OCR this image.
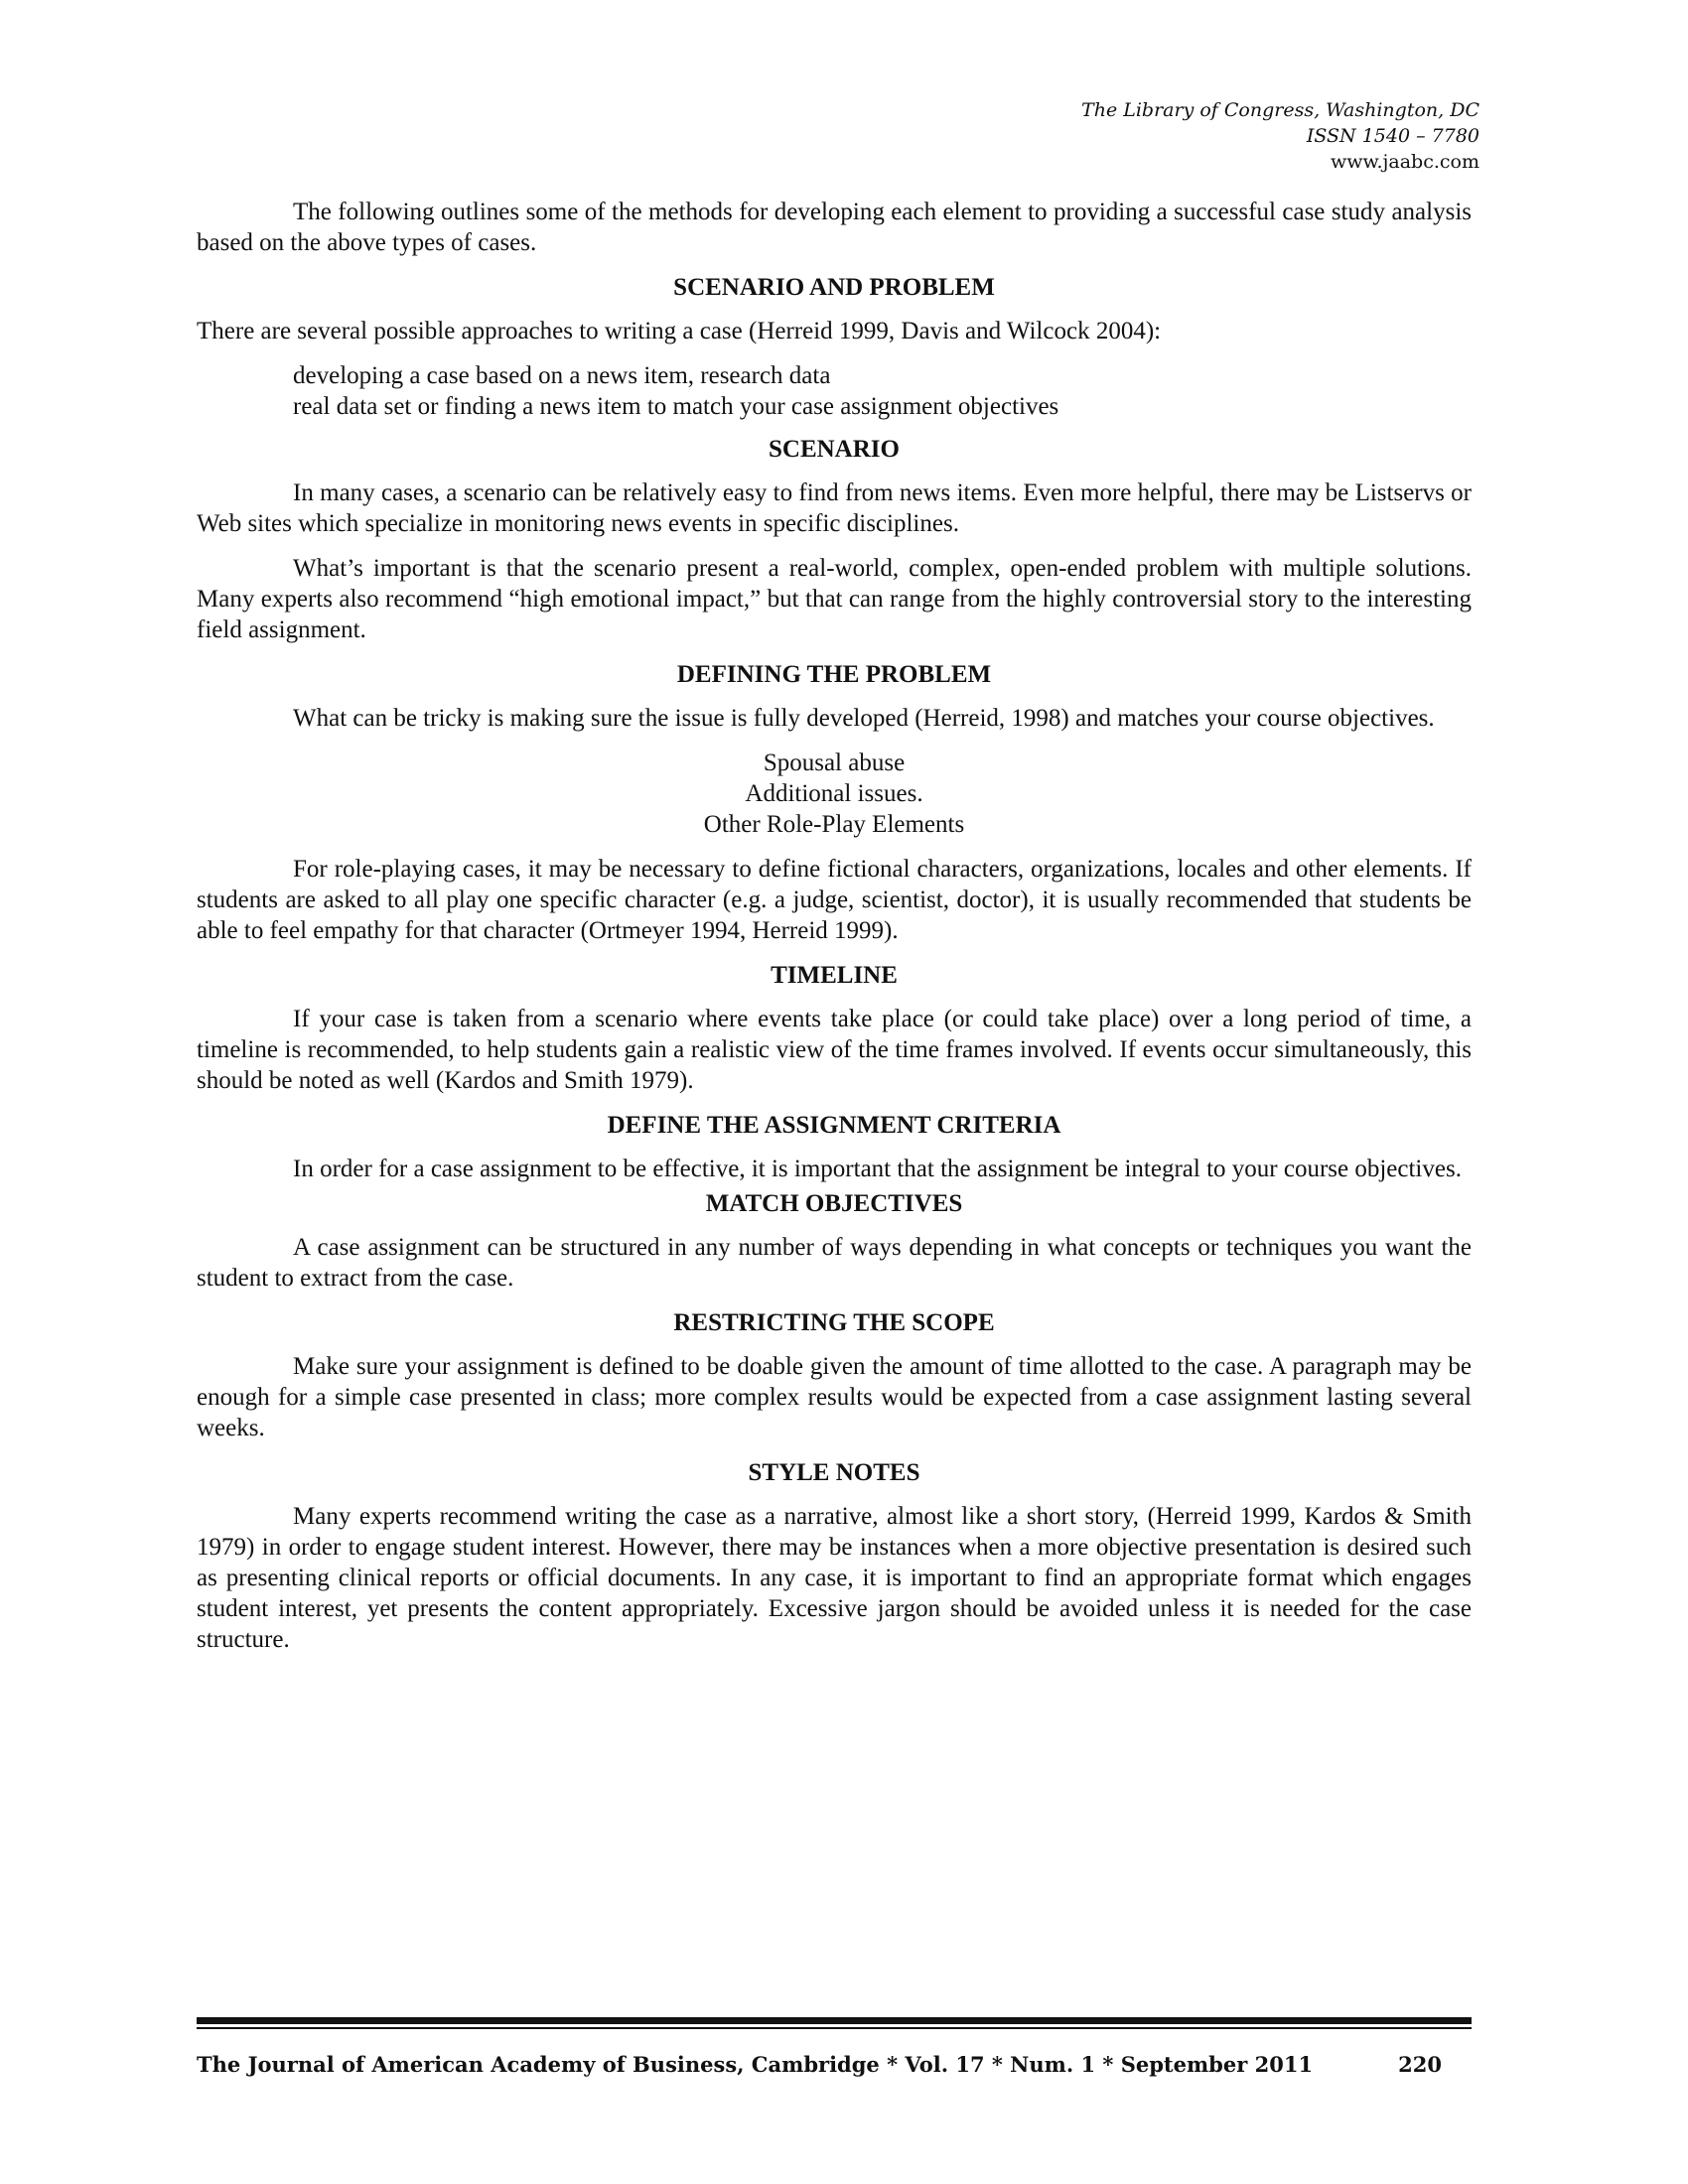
The Library of Congress, Washington, DC
ISSN 1540 – 7780
www.jaabc.com

The following outlines some of the methods for developing each element to providing a successful case study analysis based on the above types of cases.

SCENARIO AND PROBLEM

There are several possible approaches to writing a case (Herreid 1999, Davis and Wilcock 2004):

developing a case based on a news item, research data
real data set or finding a news item to match your case assignment objectives
SCENARIO

In many cases, a scenario can be relatively easy to find from news items. Even more helpful, there may be Listservs or Web sites which specialize in monitoring news events in specific disciplines.

What’s important is that the scenario present a real-world, complex, open-ended problem with multiple solutions. Many experts also recommend “high emotional impact,” but that can range from the highly controversial story to the interesting field assignment.

DEFINING THE PROBLEM

What can be tricky is making sure the issue is fully developed (Herreid, 1998) and matches your course objectives.

Spousal abuse
Additional issues.
Other Role-Play Elements

For role-playing cases, it may be necessary to define fictional characters, organizations, locales and other elements. If students are asked to all play one specific character (e.g. a judge, scientist, doctor), it is usually recommended that students be able to feel empathy for that character (Ortmeyer 1994, Herreid 1999).

TIMELINE

If your case is taken from a scenario where events take place (or could take place) over a long period of time, a timeline is recommended, to help students gain a realistic view of the time frames involved. If events occur simultaneously, this should be noted as well (Kardos and Smith 1979).

DEFINE THE ASSIGNMENT CRITERIA

In order for a case assignment to be effective, it is important that the assignment be integral to your course objectives.

MATCH OBJECTIVES

A case assignment can be structured in any number of ways depending in what concepts or techniques you want the student to extract from the case.

RESTRICTING THE SCOPE

Make sure your assignment is defined to be doable given the amount of time allotted to the case. A paragraph may be enough for a simple case presented in class; more complex results would be expected from a case assignment lasting several weeks.

STYLE NOTES

Many experts recommend writing the case as a narrative, almost like a short story, (Herreid 1999, Kardos & Smith 1979) in order to engage student interest. However, there may be instances when a more objective presentation is desired such as presenting clinical reports or official documents. In any case, it is important to find an appropriate format which engages student interest, yet presents the content appropriately. Excessive jargon should be avoided unless it is needed for the case structure.

The Journal of American Academy of Business, Cambridge * Vol. 17 * Num. 1 * September 2011	220
